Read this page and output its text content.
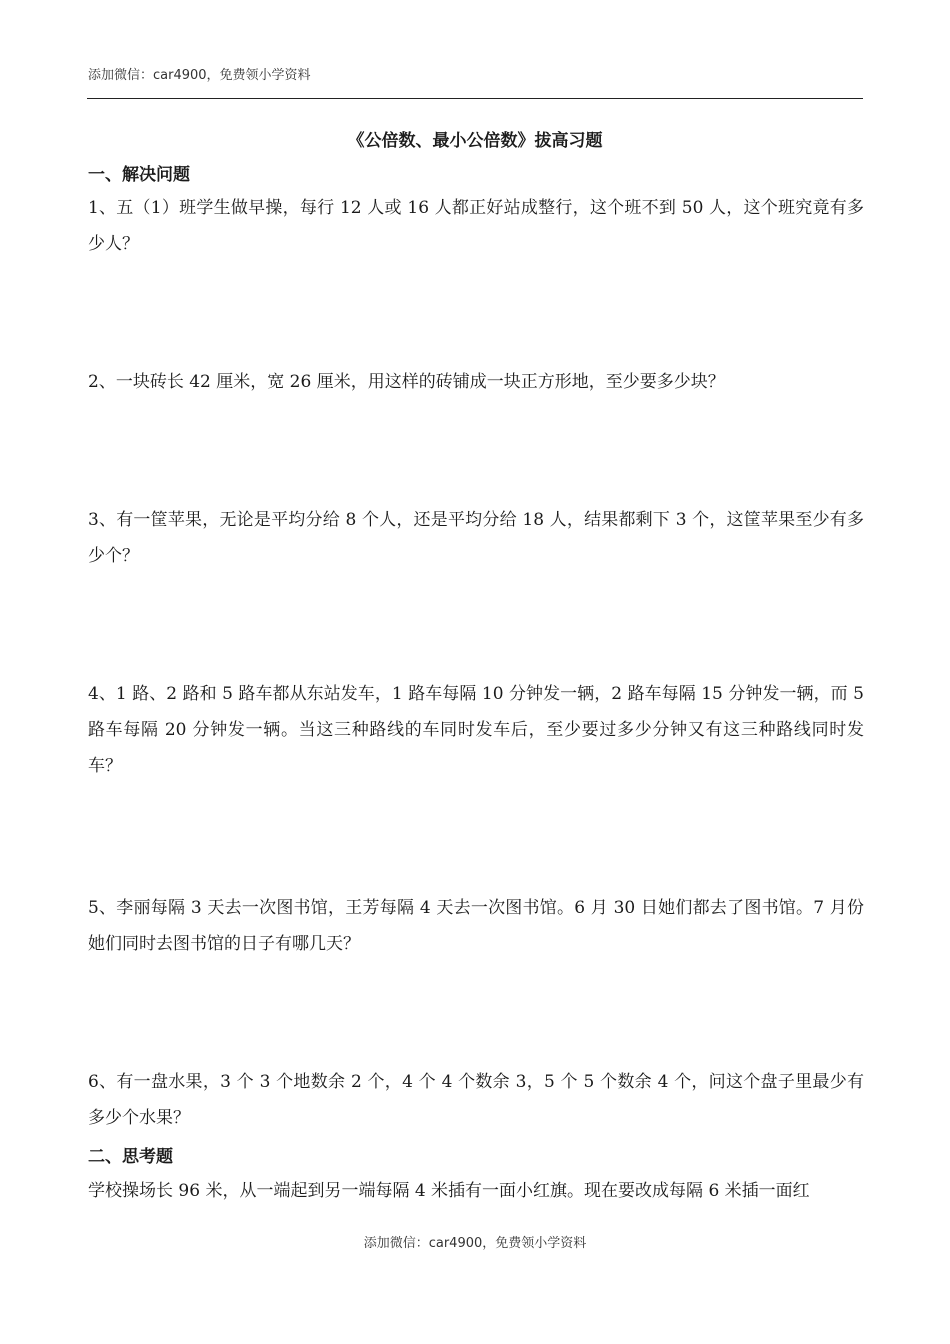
添加微信：car4900，免费领小学资料
《公倍数、最小公倍数》拔高习题
一、解决问题
1、五（1）班学生做早操，每行 12 人或 16 人都正好站成整行，这个班不到 50 人，这个班究竟有多少人？
2、一块砖长 42 厘米，宽 26 厘米，用这样的砖铺成一块正方形地，至少要多少块？
3、有一筐苹果，无论是平均分给 8 个人，还是平均分给 18 人，结果都剩下 3 个，这筐苹果至少有多少个？
4、1 路、2 路和 5 路车都从东站发车，1 路车每隔 10 分钟发一辆，2 路车每隔 15 分钟发一辆，而 5 路车每隔 20 分钟发一辆。当这三种路线的车同时发车后，至少要过多少分钟又有这三种路线同时发车？
5、李丽每隔 3 天去一次图书馆，王芳每隔 4 天去一次图书馆。6 月 30 日她们都去了图书馆。7 月份她们同时去图书馆的日子有哪几天？
6、有一盘水果，3 个 3 个地数余 2 个，4 个 4 个数余 3，5 个 5 个数余 4 个，问这个盘子里最少有多少个水果？
二、思考题
学校操场长 96 米，从一端起到另一端每隔 4 米插有一面小红旗。现在要改成每隔 6 米插一面红
添加微信：car4900，免费领小学资料
